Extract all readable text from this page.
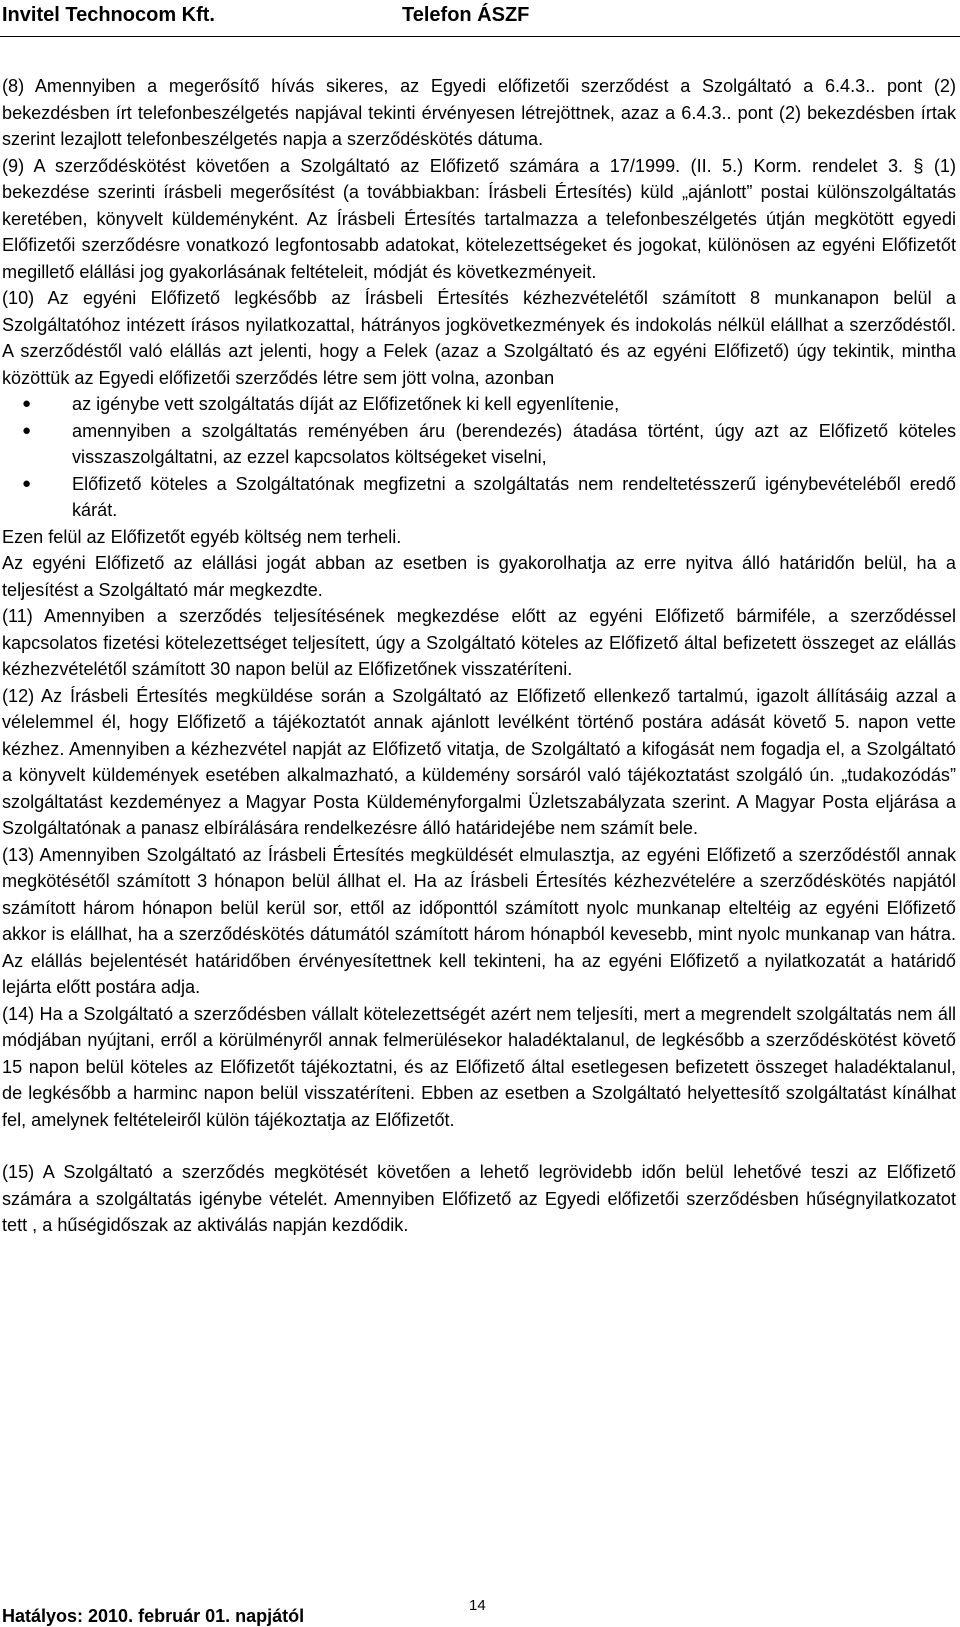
Invitel Technocom Kft.	Telefon ÁSZF

(8) Amennyiben a megerősítő hívás sikeres, az Egyedi előfizetői szerződést a Szolgáltató a 6.4.3.. pont (2) bekezdésben írt telefonbeszélgetés napjával tekinti érvényesen létrejöttnek, azaz a 6.4.3.. pont (2) bekezdésben írtak szerint lezajlott telefonbeszélgetés napja a szerződéskötés dátuma.

(9) A szerződéskötést követően a Szolgáltató az Előfizető számára a 17/1999. (II. 5.) Korm. rendelet 3. § (1) bekezdése szerinti írásbeli megerősítést (a továbbiakban: Írásbeli Értesítés) küld „ajánlott” postai különszolgáltatás keretében, könyvelt küldeményként. Az Írásbeli Értesítés tartalmazza a telefonbeszélgetés útján megkötött egyedi Előfizetői szerződésre vonatkozó legfontosabb adatokat, kötelezettségeket és jogokat, különösen az egyéni Előfizetőt megillető elállási jog gyakorlásának feltételeit, módját és következményeit.

(10) Az egyéni Előfizető legkésőbb az Írásbeli Értesítés kézhezvételétől számított 8 munkanapon belül a Szolgáltatóhoz intézett írásos nyilatkozattal, hátrányos jogkövetkezmények és indokolás nélkül elállhat a szerződéstől. A szerződéstől való elállás azt jelenti, hogy a Felek (azaz a Szolgáltató és az egyéni Előfizető) úgy tekintik, mintha közöttük az Egyedi előfizetői szerződés létre sem jött volna, azonban

● az igénybe vett szolgáltatás díját az Előfizetőnek ki kell egyenlítenie,
● amennyiben a szolgáltatás reményében áru (berendezés) átadása történt, úgy azt az Előfizető köteles visszaszolgáltatni, az ezzel kapcsolatos költségeket viselni,
● Előfizető köteles a Szolgáltatónak megfizetni a szolgáltatás nem rendeltetésszerű igénybevételéből eredő kárát.

Ezen felül az Előfizetőt egyéb költség nem terheli.

Az egyéni Előfizető az elállási jogát abban az esetben is gyakorolhatja az erre nyitva álló határidőn belül, ha a teljesítést a Szolgáltató már megkezdte.

(11) Amennyiben a szerződés teljesítésének megkezdése előtt az egyéni Előfizető bármiféle, a szerződéssel kapcsolatos fizetési kötelezettséget teljesített, úgy a Szolgáltató köteles az Előfizető által befizetett összeget az elállás kézhezvételétől számított 30 napon belül az Előfizetőnek visszatéríteni.

(12) Az Írásbeli Értesítés megküldése során a Szolgáltató az Előfizető ellenkező tartalmú, igazolt állításáig azzal a vélelemmel él, hogy Előfizető a tájékoztatót annak ajánlott levélként történő postára adását követő 5. napon vette kézhez. Amennyiben a kézhezvétel napját az Előfizető vitatja, de Szolgáltató a kifogását nem fogadja el, a Szolgáltató a könyvelt küldemények esetében alkalmazható, a küldemény sorsáról való tájékoztatást szolgáló ún. „tudakozódás” szolgáltatást kezdeményez a Magyar Posta Küldeményforgalmi Üzletszabályzata szerint. A Magyar Posta eljárása a Szolgáltatónak a panasz elbírálására rendelkezésre álló határidejébe nem számít bele.

(13) Amennyiben Szolgáltató az Írásbeli Értesítés megküldését elmulasztja, az egyéni Előfizető a szerződéstől annak megkötésétől számított 3 hónapon belül állhat el. Ha az Írásbeli Értesítés kézhezvételére a szerződéskötés napjától számított három hónapon belül kerül sor, ettől az időponttól számított nyolc munkanap elteltéig az egyéni Előfizető akkor is elállhat, ha a szerződéskötés dátumától számított három hónapból kevesebb, mint nyolc munkanap van hátra. Az elállás bejelentését határidőben érvényesítettnek kell tekinteni, ha az egyéni Előfizető a nyilatkozatát a határidő lejárta előtt postára adja.

(14) Ha a Szolgáltató a szerződésben vállalt kötelezettségét azért nem teljesíti, mert a megrendelt szolgáltatás nem áll módjában nyújtani, erről a körülményről annak felmerülésekor haladéktalanul, de legkésőbb a szerződéskötést követő 15 napon belül köteles az Előfizetőt tájékoztatni, és az Előfizető által esetlegesen befizetett összeget haladéktalanul, de legkésőbb a harminc napon belül visszatéríteni. Ebben az esetben a Szolgáltató helyettesítő szolgáltatást kínálhat fel, amelynek feltételeiről külön tájékoztatja az Előfizetőt.

(15) A Szolgáltató a szerződés megkötését követően a lehető legrövidebb időn belül lehetővé teszi az Előfizető számára a szolgáltatás igénybe vételét. Amennyiben Előfizető az Egyedi előfizetői szerződésben hűségnyilatkozatot tett , a hűségidőszak az aktiválás napján kezdődik.

Hatályos: 2010. február 01. napjától
14
